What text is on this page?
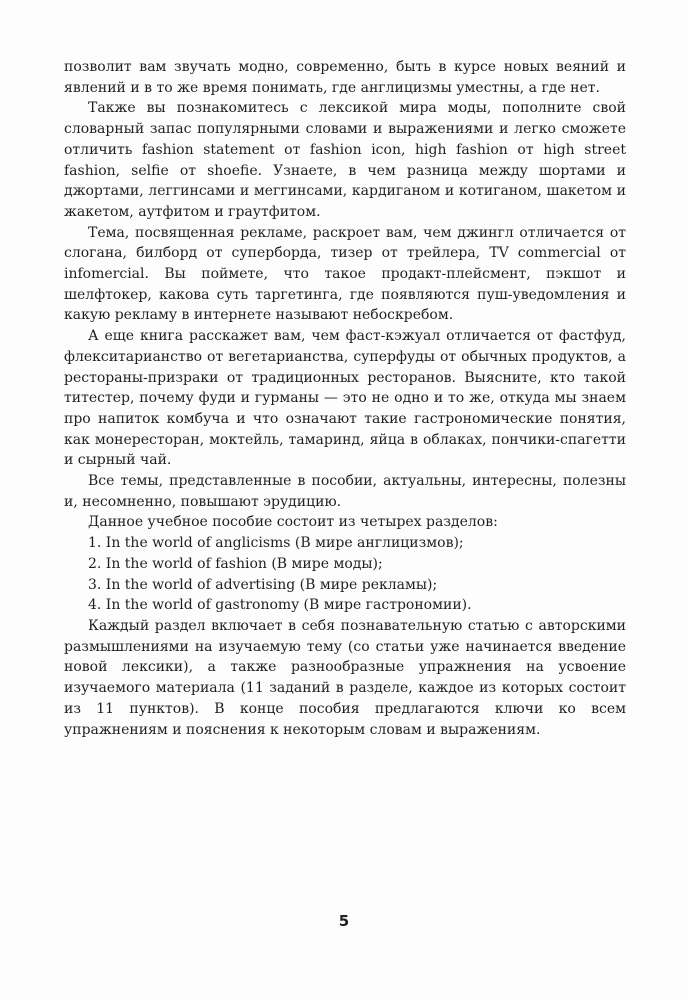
позволит вам звучать модно, современно, быть в курсе новых веяний и явлений и в то же время понимать, где англицизмы уместны, а где нет.

Также вы познакомитесь с лексикой мира моды, пополните свой словарный запас популярными словами и выражениями и легко сможете отличить fashion statement от fashion icon, high fashion от high street fashion, selfie от shoefie. Узнаете, в чем разница между шортами и джортами, леггинсами и меггинсами, кардиганом и котиганом, шакетом и жакетом, аутфитом и граутфитом.

Тема, посвященная рекламе, раскроет вам, чем джингл отличается от слогана, билборд от суперборда, тизер от трейлера, TV commercial от infomercial. Вы поймете, что такое продакт-плейсмент, пэкшот и шелфтокер, какова суть таргетинга, где появляются пуш-уведомления и какую рекламу в интернете называют небоскребом.

А еще книга расскажет вам, чем фаст-кэжуал отличается от фастфуд, флекситарианство от вегетарианства, суперфуды от обычных продуктов, а рестораны-призраки от традиционных ресторанов. Выясните, кто такой титестер, почему фуди и гурманы — это не одно и то же, откуда мы знаем про напиток комбуча и что означают такие гастрономические понятия, как монересторан, моктейль, тамаринд, яйца в облаках, пончики-спагетти и сырный чай.

Все темы, представленные в пособии, актуальны, интересны, полезны и, несомненно, повышают эрудицию.

Данное учебное пособие состоит из четырех разделов:

1. In the world of anglicisms (В мире англицизмов);

2. In the world of fashion (В мире моды);

3. In the world of advertising (В мире рекламы);

4. In the world of gastronomy (В мире гастрономии).

Каждый раздел включает в себя познавательную статью с авторскими размышлениями на изучаемую тему (со статьи уже начинается введение новой лексики), а также разнообразные упражнения на усвоение изучаемого материала (11 заданий в разделе, каждое из которых состоит из 11 пунктов). В конце пособия предлагаются ключи ко всем упражнениям и пояснения к некоторым словам и выражениям.

5
